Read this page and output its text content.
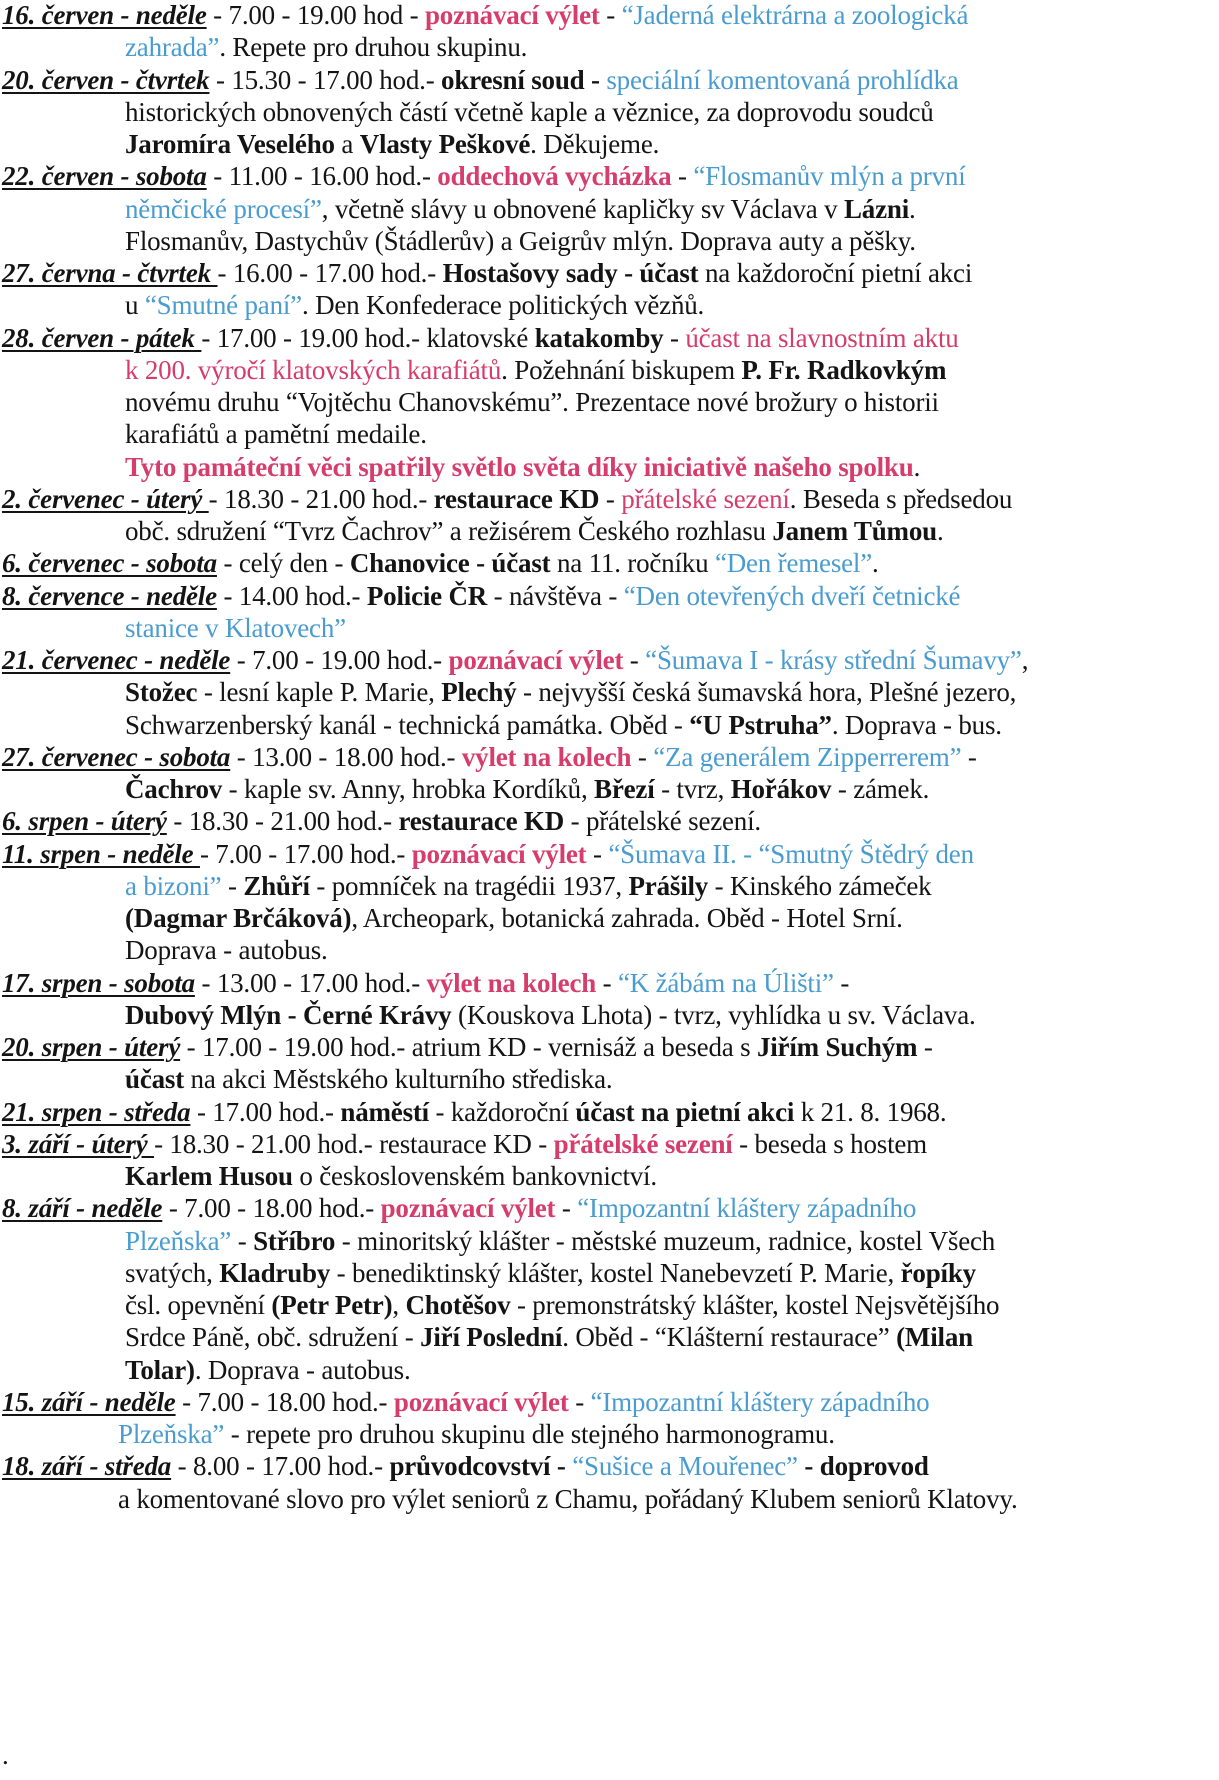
16. červen - neděle - 7.00 - 19.00 hod - poznávací výlet - “Jaderná elektrárna a zoologická
zahrada”. Repete pro druhou skupinu.
20. červen - čtvrtek - 15.30 - 17.00 hod.- okresní soud - speciální komentovaná prohlídka
historických obnovených částí včetně kaple a věznice, za doprovodu soudců
Jaromíra Veselého a Vlasty Peškové. Děkujeme.
22. červen - sobota - 11.00 - 16.00 hod.- oddechová vycházka - “Flosmanův mlýn a první
němčické procesí”, včetně slávy u obnovené kapličky sv Václava v Lázni.
Flosmanův, Dastychův (Štádlerův) a Geigrův mlýn. Doprava auty a pěšky.
27. června - čtvrtek - 16.00 - 17.00 hod.- Hostašovy sady - účast na každoroční pietní akci
u “Smutné paní”. Den Konfederace politických vězňů.
28. červen - pátek - 17.00 - 19.00 hod.- klatovské katakomby - účast na slavnostním aktu
k 200. výročí klatovských karafiátů. Požehnání biskupem P. Fr. Radkovkým
novému druhu “Vojtěchu Chanovskému”. Prezentace nové brožury o historii
karafiátů a pamětní medaile.
Tyto památeční věci spatřily světlo světa díky iniciativě našeho spolku.
2. červenec - úterý - 18.30 - 21.00 hod.- restaurace KD - přátelské sezení. Beseda s předsedou
obč. sdružení “Tvrz Čachrov” a režisérem Českého rozhlasu Janem Tůmou.
6. červenec - sobota - celý den - Chanovice - účast na 11. ročníku “Den řemesel”.
8. července - neděle - 14.00 hod.- Policie ČR - návštěva - “Den otevřených dveří četnické
stanice v Klatovech”
21. červenec - neděle - 7.00 - 19.00 hod.- poznávací výlet - “Šumava I - krásy střední Šumavy”,
Stožec - lesní kaple P. Marie, Plechý - nejvyšší česká šumavská hora, Plešné jezero,
Schwarzenberský kanál - technická památka. Oběd - “U Pstruha”. Doprava - bus.
27. červenec - sobota - 13.00 - 18.00 hod.- výlet na kolech - “Za generálem Zipperrerem” -
Čachrov - kaple sv. Anny, hrobka Kordíků, Březí - tvrz, Hořákov - zámek.
6. srpen - úterý - 18.30 - 21.00 hod.- restaurace KD - přátelské sezení.
11. srpen - neděle - 7.00 - 17.00 hod.- poznávací výlet - “Šumava II. - “Smutný Štědrý den
a bizoni” - Zhůří - pomníček na tragédii 1937, Prášily - Kinského zámeček
(Dagmar Brčáková), Archeopark, botanická zahrada. Oběd - Hotel Srní.
Doprava - autobus.
17. srpen - sobota - 13.00 - 17.00 hod.- výlet na kolech - “K žábám na Úlišti” -
Dubový Mlýn - Černé Krávy (Kouskova Lhota) - tvrz, vyhlídka u sv. Václava.
20. srpen - úterý - 17.00 - 19.00 hod.- atrium KD - vernisáž a beseda s Jiřím Suchým -
účast na akci Městského kulturního střediska.
21. srpen - středa - 17.00 hod.- náměstí - každoroční účast na pietní akci k 21. 8. 1968.
3. září - úterý - 18.30 - 21.00 hod.- restaurace KD - přátelské sezení - beseda s hostem
Karlem Husou o československém bankovnictví.
8. září - neděle - 7.00 - 18.00 hod.- poznávací výlet - “Impozantní kláštery západního
Plzeňska” - Stříbro - minoritský klášter - městské muzeum, radnice, kostel Všech
svatých, Kladruby - benediktinský klášter, kostel Nanebevzetí P. Marie, řopíky
čsl. opevnění (Petr Petr), Chotěšov - premonstrátský klášter, kostel Nejsvětějšího
Srdce Páně, obč. sdružení - Jiří Poslední. Oběd - “Klášterní restaurace” (Milan
Tolar). Doprava - autobus.
15. září - neděle - 7.00 - 18.00 hod.- poznávací výlet - “Impozantní kláštery západního
Plzeňska” - repete pro druhou skupinu dle stejného harmonogramu.
18. září - středa - 8.00 - 17.00 hod.- průvodcovství - “Sušice a Mouřenec” - doprovod
a komentované slovo pro výlet seniorů z Chamu, pořádaný Klubem seniorů Klatovy.
.
